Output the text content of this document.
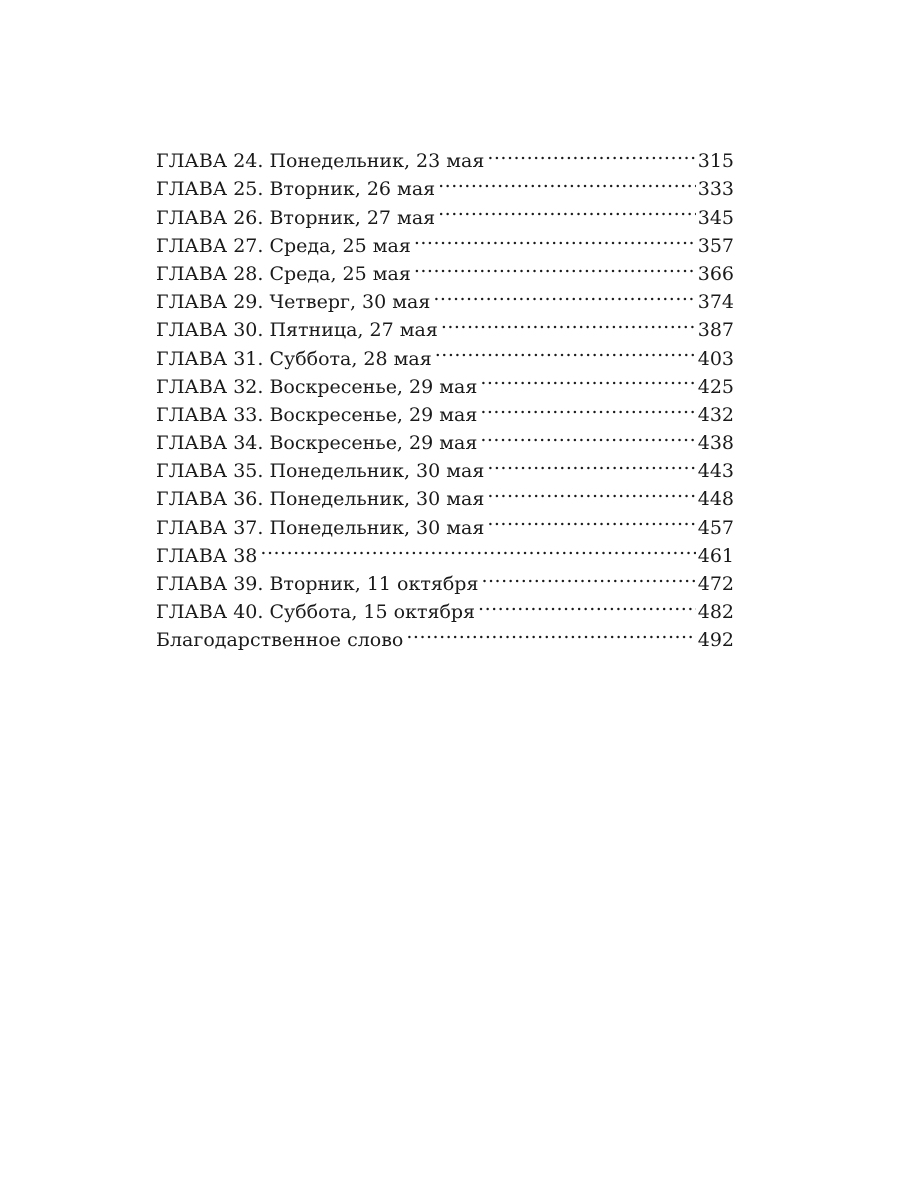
ГЛАВА 24. Понедельник, 23 мая .....	315
ГЛАВА 25. Вторник, 26 мая .....	333
ГЛАВА 26. Вторник, 27 мая .....	345
ГЛАВА 27. Среда, 25 мая .....	357
ГЛАВА 28. Среда, 25 мая .....	366
ГЛАВА 29. Четверг, 30 мая .....	374
ГЛАВА 30. Пятница, 27 мая .....	387
ГЛАВА 31. Суббота, 28 мая .....	403
ГЛАВА 32. Воскресенье, 29 мая .....	425
ГЛАВА 33. Воскресенье, 29 мая .....	432
ГЛАВА 34. Воскресенье, 29 мая .....	438
ГЛАВА 35. Понедельник, 30 мая .....	443
ГЛАВА 36. Понедельник, 30 мая .....	448
ГЛАВА 37. Понедельник, 30 мая .....	457
ГЛАВА 38 .....	461
ГЛАВА 39. Вторник, 11 октября .....	472
ГЛАВА 40. Суббота, 15 октября .....	482
Благодарственное слово .....	492
